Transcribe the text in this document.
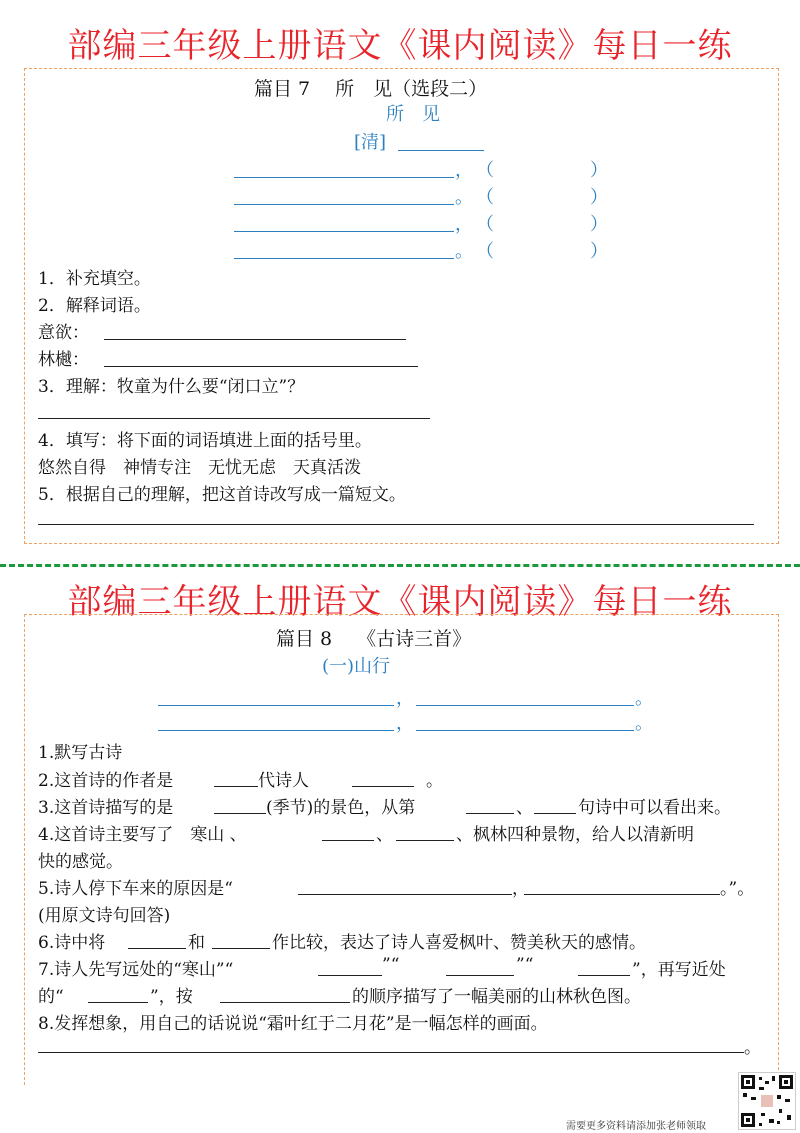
部编三年级上册语文《课内阅读》每日一练
篇目 7　 所　见（选段二）
所　见
[清]
， （	）
。 （	）
， （	）
。 （	）
1．补充填空。
2．解释词语。
意欲：
林樾：
3．理解：牧童为什么要“闭口立”？
4．填写：将下面的词语填进上面的括号里。
悠然自得　神情专注　无忧无虑　天真活泼
5．根据自己的理解，把这首诗改写成一篇短文。
部编三年级上册语文《课内阅读》每日一练
篇目 8　 《古诗三首》
(一)山行
，	。
，	。
1.默写古诗
2.这首诗的作者是	代诗人	。
3.这首诗描写的是	(季节)的景色，从第	、	句诗中可以看出来。
4.这首诗主要写了　寒山 、	、	、枫林四种景物，给人以清新明
快的感觉。
5.诗人停下车来的原因是“	，	。”。
(用原文诗句回答)
6.诗中将	和	作比较，表达了诗人喜爱枫叶、赞美秋天的感情。
7.诗人先写远处的“寒山”“	”“	”“	”，再写近处
的“	”，按	的顺序描写了一幅美丽的山林秋色图。
8.发挥想象，用自己的话说说“霜叶红于二月花”是一幅怎样的画面。
。
需要更多资料请添加张老师领取
